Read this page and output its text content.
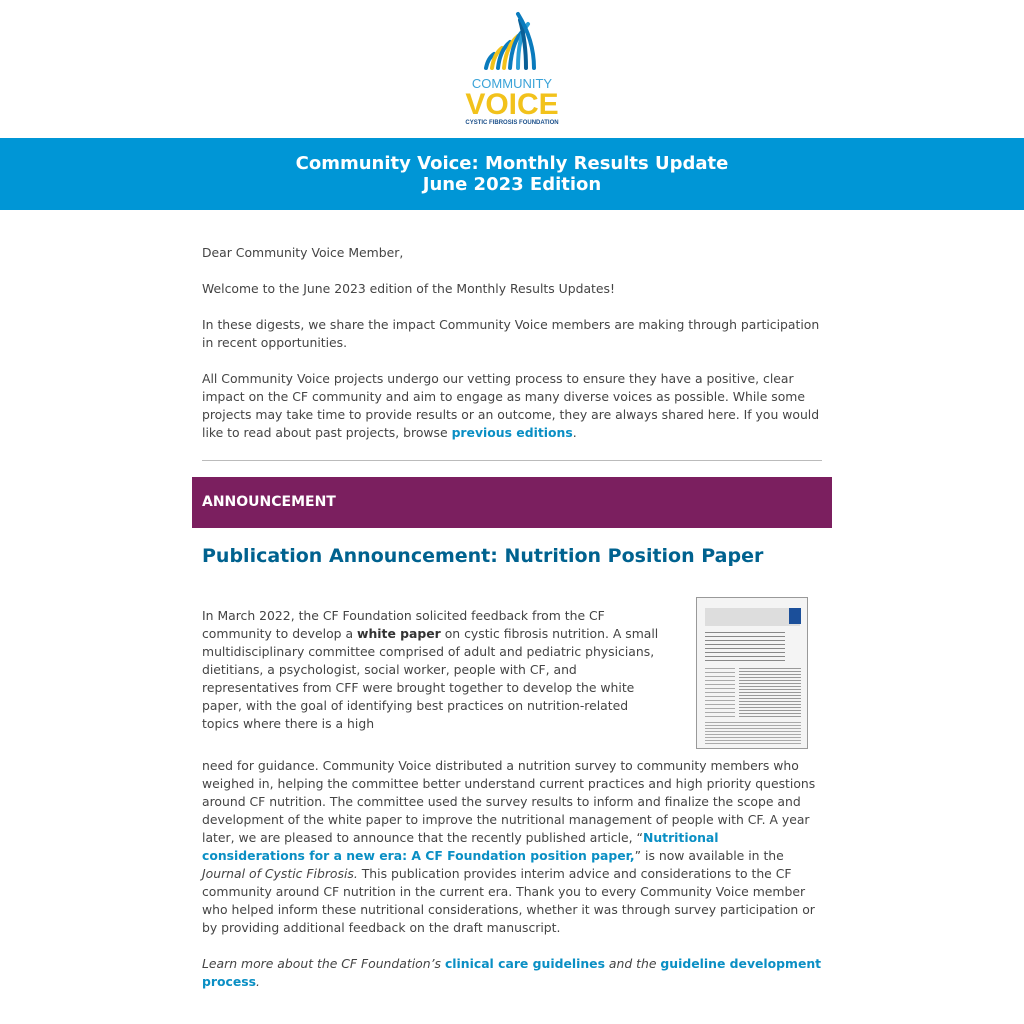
COMMUNITY
VOICE
CYSTIC FIBROSIS FOUNDATION
Community Voice: Monthly Results Update
June 2023 Edition

Dear Community Voice Member,

Welcome to the June 2023 edition of the Monthly Results Updates!

In these digests, we share the impact Community Voice members are making through participation in recent opportunities.

All Community Voice projects undergo our vetting process to ensure they have a positive, clear impact on the CF community and aim to engage as many diverse voices as possible. While some projects may take time to provide results or an outcome, they are always shared here. If you would like to read about past projects, browse previous editions.

ANNOUNCEMENT
Publication Announcement: Nutrition Position Paper

In March 2022, the CF Foundation solicited feedback from the CF community to develop a white paper on cystic fibrosis nutrition. A small multidisciplinary committee comprised of adult and pediatric physicians, dietitians, a psychologist, social worker, people with CF, and representatives from CFF were brought together to develop the white paper, with the goal of identifying best practices on nutrition-related topics where there is a high

need for guidance. Community Voice distributed a nutrition survey to community members who weighed in, helping the committee better understand current practices and high priority questions around CF nutrition. The committee used the survey results to inform and finalize the scope and development of the white paper to improve the nutritional management of people with CF. A year later, we are pleased to announce that the recently published article, “Nutritional considerations for a new era: A CF Foundation position paper,” is now available in the Journal of Cystic Fibrosis. This publication provides interim advice and considerations to the CF community around CF nutrition in the current era. Thank you to every Community Voice member who helped inform these nutritional considerations, whether it was through survey participation or by providing additional feedback on the draft manuscript.

Learn more about the CF Foundation’s clinical care guidelines and the guideline development process.
